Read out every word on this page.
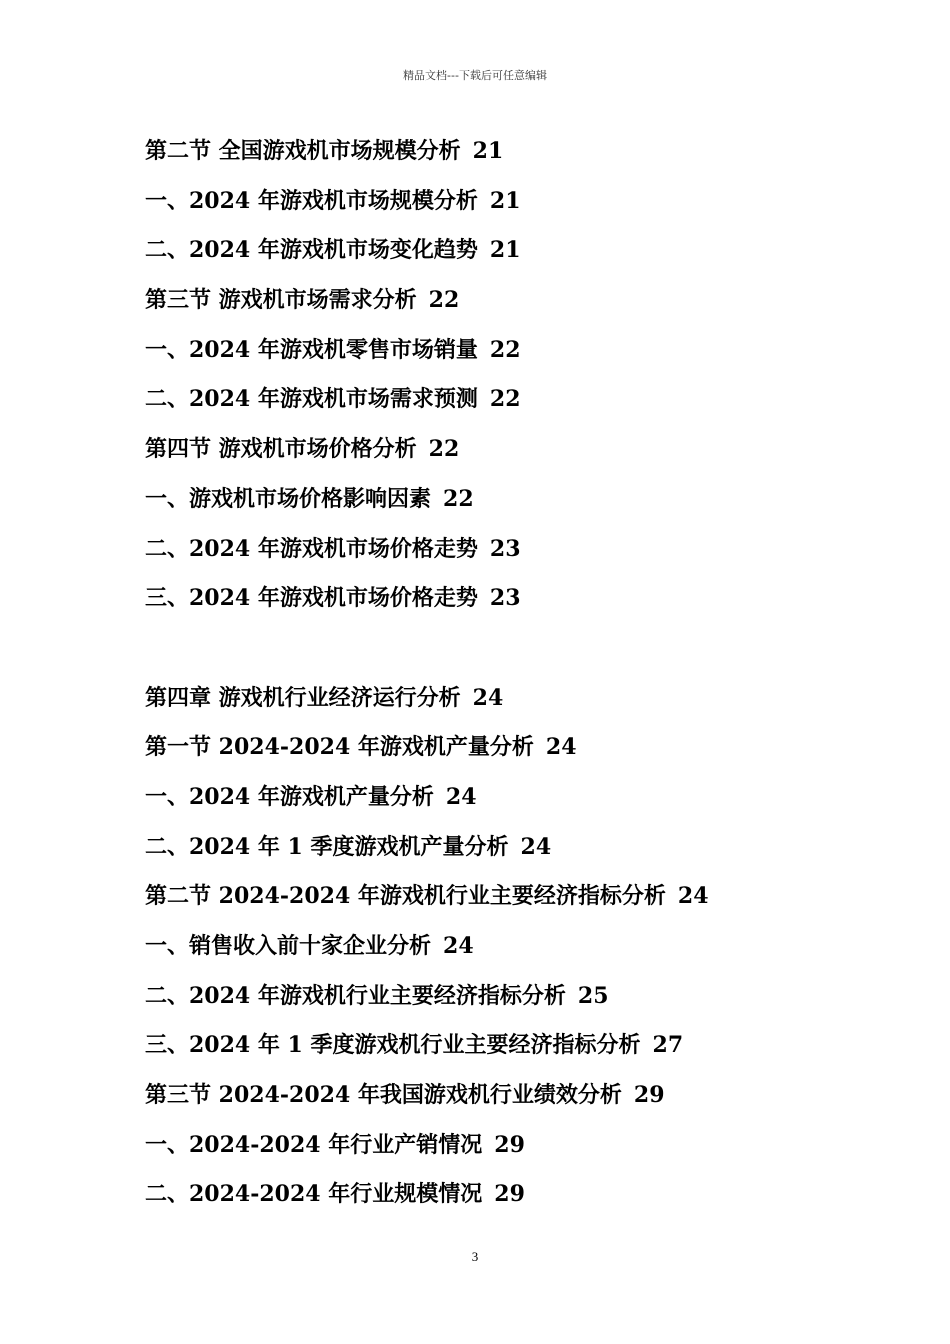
精品文档---下载后可任意编辑
第二节 全国游戏机市场规模分析 21
一、2024 年游戏机市场规模分析 21
二、2024 年游戏机市场变化趋势 21
第三节 游戏机市场需求分析 22
一、2024 年游戏机零售市场销量 22
二、2024 年游戏机市场需求预测 22
第四节 游戏机市场价格分析 22
一、游戏机市场价格影响因素 22
二、2024 年游戏机市场价格走势 23
三、2024 年游戏机市场价格走势 23
第四章 游戏机行业经济运行分析 24
第一节 2024-2024 年游戏机产量分析 24
一、2024 年游戏机产量分析 24
二、2024 年 1 季度游戏机产量分析 24
第二节 2024-2024 年游戏机行业主要经济指标分析 24
一、销售收入前十家企业分析 24
二、2024 年游戏机行业主要经济指标分析 25
三、2024 年 1 季度游戏机行业主要经济指标分析 27
第三节 2024-2024 年我国游戏机行业绩效分析 29
一、2024-2024 年行业产销情况 29
二、2024-2024 年行业规模情况 29
3
